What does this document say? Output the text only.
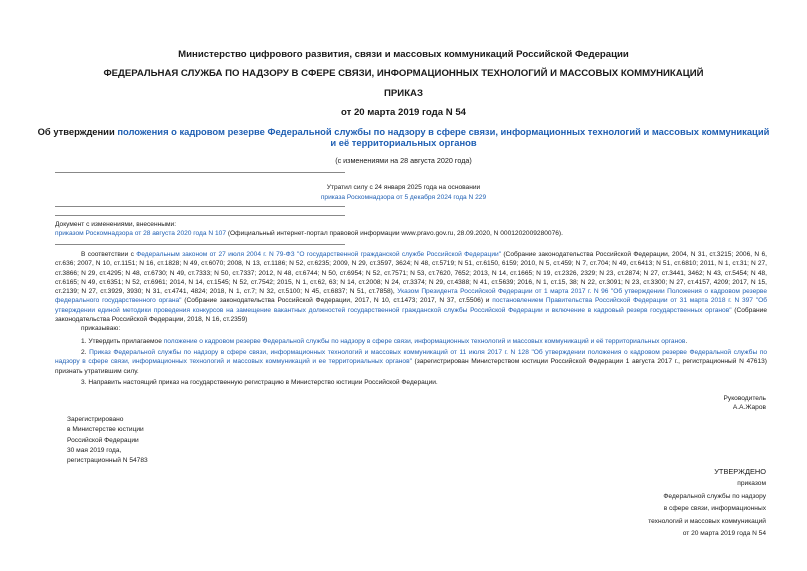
Министерство цифрового развития, связи и массовых коммуникаций Российской Федерации
ФЕДЕРАЛЬНАЯ СЛУЖБА ПО НАДЗОРУ В СФЕРЕ СВЯЗИ, ИНФОРМАЦИОННЫХ ТЕХНОЛОГИЙ И МАССОВЫХ КОММУНИКАЦИЙ
ПРИКАЗ
от 20 марта 2019 года N 54
Об утверждении положения о кадровом резерве Федеральной службы по надзору в сфере связи, информационных технологий и массовых коммуникаций и её территориальных органов
(с изменениями на 28 августа 2020 года)
Утратил силу с 24 января 2025 года на основании
приказа Роскомнадзора от 5 декабря 2024 года N 229
Документ с изменениями, внесенными:
приказом Роскомнадзора от 28 августа 2020 года N 107 (Официальный интернет-портал правовой информации www.pravo.gov.ru, 28.09.2020, N 0001202009280076).

В соответствии с Федеральным законом от 27 июля 2004 г. N 79-ФЗ "О государственной гражданской службе Российской Федерации" (Собрание законодательства Российской Федерации, 2004, N 31, ст.3215; 2006, N 6, ст.636; 2007, N 10, ст.1151; N 16, ст.1828; N 49, ст.6070; 2008, N 13, ст.1186; N 52, ст.6235; 2009, N 29, ст.3597, 3624; N 48, ст.5719; N 51, ст.6150, 6159; 2010, N 5, ст.459; N 7, ст.704; N 49, ст.6413; N 51, ст.6810; 2011, N 1, ст.31; N 27, ст.3866; N 29, ст.4295; N 48, ст.6730; N 49, ст.7333; N 50, ст.7337; 2012, N 48, ст.6744; N 50, ст.6954; N 52, ст.7571; N 53, ст.7620, 7652; 2013, N 14, ст.1665; N 19, ст.2326, 2329; N 23, ст.2874; N 27, ст.3441, 3462; N 43, ст.5454; N 48, ст.6165; N 49, ст.6351; N 52, ст.6961; 2014, N 14, ст.1545; N 52, ст.7542; 2015, N 1, ст.62, 63; N 14, ст.2008; N 24, ст.3374; N 29, ст.4388; N 41, ст.5639; 2016, N 1, ст.15, 38; N 22, ст.3091; N 23, ст.3300; N 27, ст.4157, 4209; 2017, N 15, ст.2139; N 27, ст.3929, 3930; N 31, ст.4741, 4824; 2018, N 1, ст.7; N 32, ст.5100; N 45, ст.6837; N 51, ст.7858), Указом Президента Российской Федерации от 1 марта 2017 г. N 96 "Об утверждении Положения о кадровом резерве федерального государственного органа" (Собрание законодательства Российской Федерации, 2017, N 10, ст.1473; 2017, N 37, ст.5506) и постановлением Правительства Российской Федерации от 31 марта 2018 г. N 397 "Об утверждении единой методики проведения конкурсов на замещение вакантных должностей государственной гражданской службы Российской Федерации и включение в кадровый резерв государственных органов" (Собрание законодательства Российской Федерации, 2018, N 16, ст.2359)

приказываю:

1. Утвердить прилагаемое положение о кадровом резерве Федеральной службы по надзору в сфере связи, информационных технологий и массовых коммуникаций и её территориальных органов.

2. Приказ Федеральной службы по надзору в сфере связи, информационных технологий и массовых коммуникаций от 11 июля 2017 г. N 128 "Об утверждении положения о кадровом резерве Федеральной службы по надзору в сфере связи, информационных технологий и массовых коммуникаций и ее территориальных органов" (зарегистрирован Министерством юстиции Российской Федерации 1 августа 2017 г., регистрационный N 47613) признать утратившим силу.

3. Направить настоящий приказ на государственную регистрацию в Министерство юстиции Российской Федерации.

Руководитель
А.А.Жаров
Зарегистрировано
в Министерстве юстиции
Российской Федерации
30 мая 2019 года,
регистрационный N 54783
УТВЕРЖДЕНО
приказом
Федеральной службы по надзору
в сфере связи, информационных
технологий и массовых коммуникаций
от 20 марта 2019 года N 54
